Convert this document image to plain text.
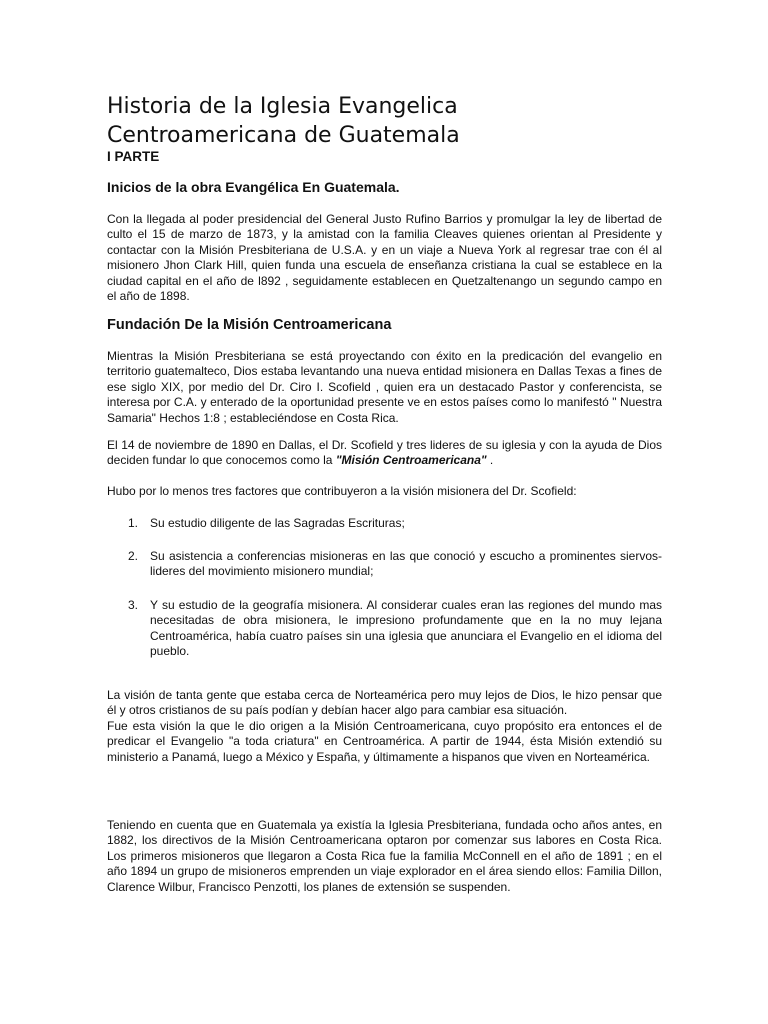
Historia de la Iglesia Evangelica
Centroamericana de Guatemala

I PARTE

Inicios de la obra Evangélica En Guatemala.

Con la llegada al poder presidencial del General Justo Rufino Barrios y promulgar la ley de libertad de culto el 15 de marzo de 1873, y la amistad con la familia Cleaves quienes orientan al Presidente y contactar con la Misión Presbiteriana de U.S.A. y en un viaje a Nueva York al regresar trae con él al misionero Jhon Clark Hill, quien funda una escuela de enseñanza cristiana la cual se establece en la ciudad capital en el año de l892 , seguidamente establecen en Quetzaltenango un segundo campo en el año de 1898.

Fundación De la Misión Centroamericana

Mientras la Misión Presbiteriana se está proyectando con éxito en la predicación del evangelio en territorio guatemalteco, Dios estaba levantando una nueva entidad misionera en Dallas Texas a fines de ese siglo XIX, por medio del Dr. Ciro I. Scofield , quien era un destacado Pastor y conferencista, se interesa por C.A. y enterado de la oportunidad presente ve en estos países como lo manifestó " Nuestra Samaria" Hechos 1:8 ; estableciéndose en Costa Rica.

El 14 de noviembre de 1890 en Dallas, el Dr. Scofield y tres lideres de su iglesia y con la ayuda de Dios deciden fundar lo que conocemos como la "Misión Centroamericana" .

Hubo por lo menos tres factores que contribuyeron a la visión misionera del Dr. Scofield:

1. Su estudio diligente de las Sagradas Escrituras;
2. Su asistencia a conferencias misioneras en las que conoció y escucho a prominentes siervos-lideres del movimiento misionero mundial;
3. Y su estudio de la geografía misionera. Al considerar cuales eran las regiones del mundo mas necesitadas de obra misionera, le impresiono profundamente que en la no muy lejana Centroamérica, había cuatro países sin una iglesia que anunciara el Evangelio en el idioma del pueblo.

La visión de tanta gente que estaba cerca de Norteamérica pero muy lejos de Dios, le hizo pensar que él y otros cristianos de su país podían y debían hacer algo para cambiar esa situación.
Fue esta visión la que le dio origen a la Misión Centroamericana, cuyo propósito era entonces el de predicar el Evangelio "a toda criatura" en Centroamérica. A partir de 1944, ésta Misión extendió su ministerio a Panamá, luego a México y España, y últimamente a hispanos que viven en Norteamérica.

Teniendo en cuenta que en Guatemala ya existía la Iglesia Presbiteriana, fundada ocho años antes, en 1882, los directivos de la Misión Centroamericana optaron por comenzar sus labores en Costa Rica. Los primeros misioneros que llegaron a Costa Rica fue la familia McConnell en el año de 1891 ; en el año 1894 un grupo de misioneros emprenden un viaje explorador en el área siendo ellos: Familia Dillon, Clarence Wilbur, Francisco Penzotti, los planes de extensión se suspenden.
